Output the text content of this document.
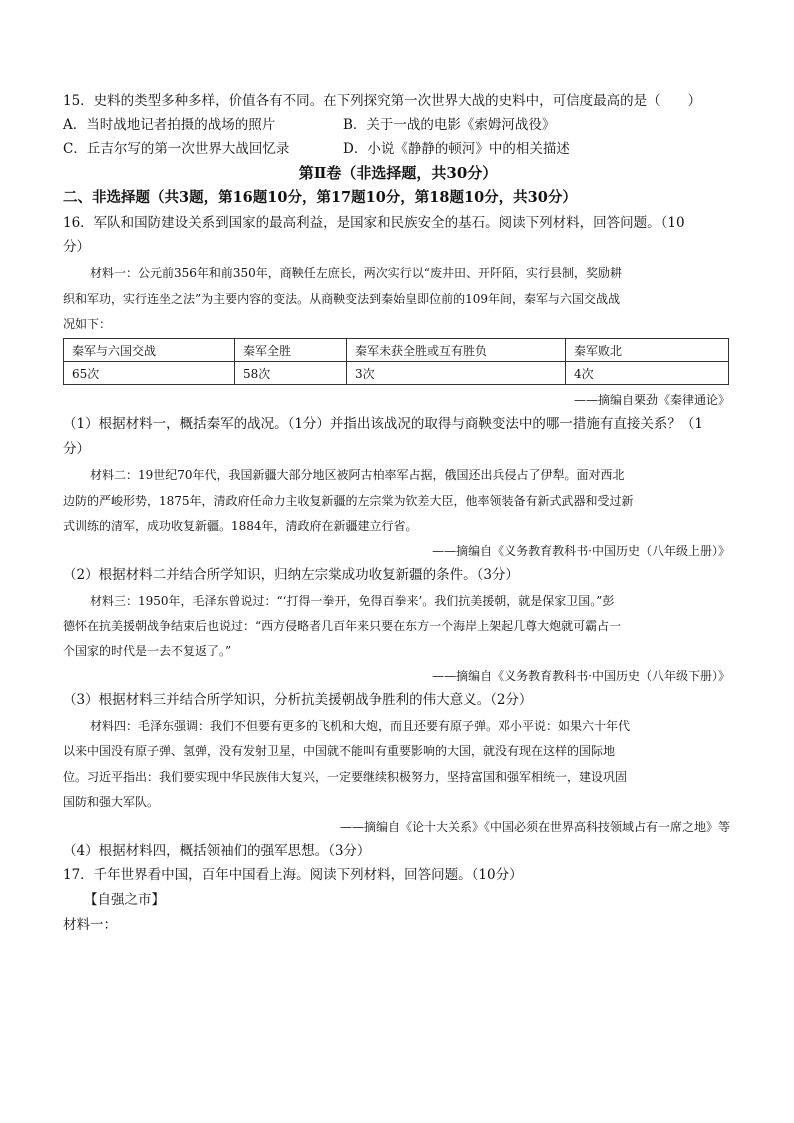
15．史料的类型多种多样，价值各有不同。在下列探究第一次世界大战的史料中，可信度最高的是（　　）
A．当时战地记者拍摄的战场的照片	B．关于一战的电影《索姆河战役》
C．丘吉尔写的第一次世界大战回忆录	D．小说《静静的顿河》中的相关描述
第Ⅱ卷（非选择题，共30分）
二、非选择题（共3题，第16题10分，第17题10分，第18题10分，共30分）
16．军队和国防建设关系到国家的最高利益，是国家和民族安全的基石。阅读下列材料，回答问题。（10
分）
材料一：公元前356年和前350年，商鞅任左庶长，两次实行以“废井田、开阡陌，实行县制，奖励耕
织和军功，实行连坐之法”为主要内容的变法。从商鞅变法到秦始皇即位前的109年间，秦军与六国交战战
况如下：
秦军与六国交战	秦军全胜	秦军未获全胜或互有胜负	秦军败北
65次	58次	3次	4次
——摘编自栗劲《秦律通论》
（1）根据材料一，概括秦军的战况。（1分）并指出该战况的取得与商鞅变法中的哪一措施有直接关系？（1
分）
材料二：19世纪70年代，我国新疆大部分地区被阿古柏率军占据，俄国还出兵侵占了伊犁。面对西北
边防的严峻形势，1875年，清政府任命力主收复新疆的左宗棠为钦差大臣，他率领装备有新式武器和受过新
式训练的清军，成功收复新疆。1884年，清政府在新疆建立行省。
——摘编自《义务教育教科书·中国历史（八年级上册）》
（2）根据材料二并结合所学知识，归纳左宗棠成功收复新疆的条件。（3分）
材料三：1950年，毛泽东曾说过：“‘打得一拳开，免得百拳来’。我们抗美援朝，就是保家卫国。”彭
德怀在抗美援朝战争结束后也说过：“西方侵略者几百年来只要在东方一个海岸上架起几尊大炮就可霸占一
个国家的时代是一去不复返了。”
——摘编自《义务教育教科书·中国历史（八年级下册）》
（3）根据材料三并结合所学知识，分析抗美援朝战争胜利的伟大意义。（2分）
材料四：毛泽东强调：我们不但要有更多的飞机和大炮，而且还要有原子弹。邓小平说：如果六十年代
以来中国没有原子弹、氢弹，没有发射卫星，中国就不能叫有重要影响的大国，就没有现在这样的国际地
位。习近平指出：我们要实现中华民族伟大复兴，一定要继续积极努力，坚持富国和强军相统一，建设巩固
国防和强大军队。
——摘编自《论十大关系》《中国必须在世界高科技领域占有一席之地》等
（4）根据材料四，概括领袖们的强军思想。（3分）
17．千年世界看中国，百年中国看上海。阅读下列材料，回答问题。（10分）
【自强之市】
材料一：
